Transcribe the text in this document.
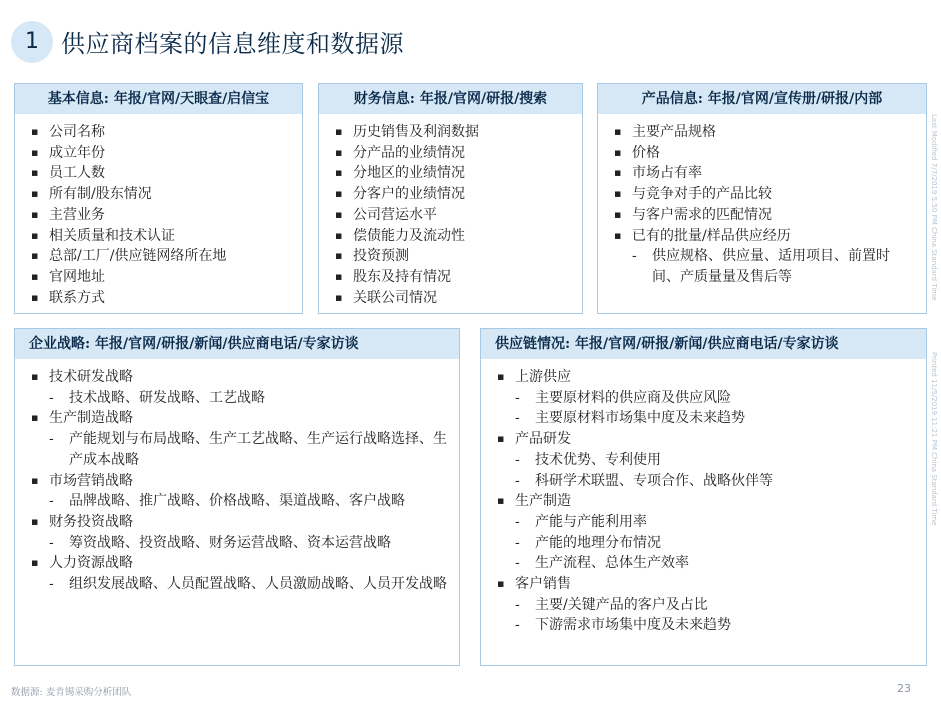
1 供应商档案的信息维度和数据源
基本信息: 年报/官网/天眼查/启信宝
▪ 公司名称
▪ 成立年份
▪ 员工人数
▪ 所有制/股东情况
▪ 主营业务
▪ 相关质量和技术认证
▪ 总部/工厂/供应链网络所在地
▪ 官网地址
▪ 联系方式
财务信息: 年报/官网/研报/搜索
▪ 历史销售及利润数据
▪ 分产品的业绩情况
▪ 分地区的业绩情况
▪ 分客户的业绩情况
▪ 公司营运水平
▪ 偿债能力及流动性
▪ 投资预测
▪ 股东及持有情况
▪ 关联公司情况
产品信息: 年报/官网/宣传册/研报/内部
▪ 主要产品规格
▪ 价格
▪ 市场占有率
▪ 与竞争对手的产品比较
▪ 与客户需求的匹配情况
▪ 已有的批量/样品供应经历
- 供应规格、供应量、适用项目、前置时间、产质量量及售后等
企业战略: 年报/官网/研报/新闻/供应商电话/专家访谈
▪ 技术研发战略
- 技术战略、研发战略、工艺战略
▪ 生产制造战略
- 产能规划与布局战略、生产工艺战略、生产运行战略选择、生产成本战略
▪ 市场营销战略
- 品牌战略、推广战略、价格战略、渠道战略、客户战略
▪ 财务投资战略
- 筹资战略、投资战略、财务运营战略、资本运营战略
▪ 人力资源战略
- 组织发展战略、人员配置战略、人员激励战略、人员开发战略
供应链情况: 年报/官网/研报/新闻/供应商电话/专家访谈
▪ 上游供应
- 主要原材料的供应商及供应风险
- 主要原材料市场集中度及未来趋势
▪ 产品研发
- 技术优势、专利使用
- 科研学术联盟、专项合作、战略伙伴等
▪ 生产制造
- 产能与产能利用率
- 产能的地理分布情况
- 生产流程、总体生产效率
▪ 客户销售
- 主要/关键产品的客户及占比
- 下游需求市场集中度及未来趋势
Last Modified 7/7/2019 5:50 PM China Standard Time
Printed 11/5/2019 11:21 PM China Standard Time
数据源: 麦肯锡采购分析团队	23
